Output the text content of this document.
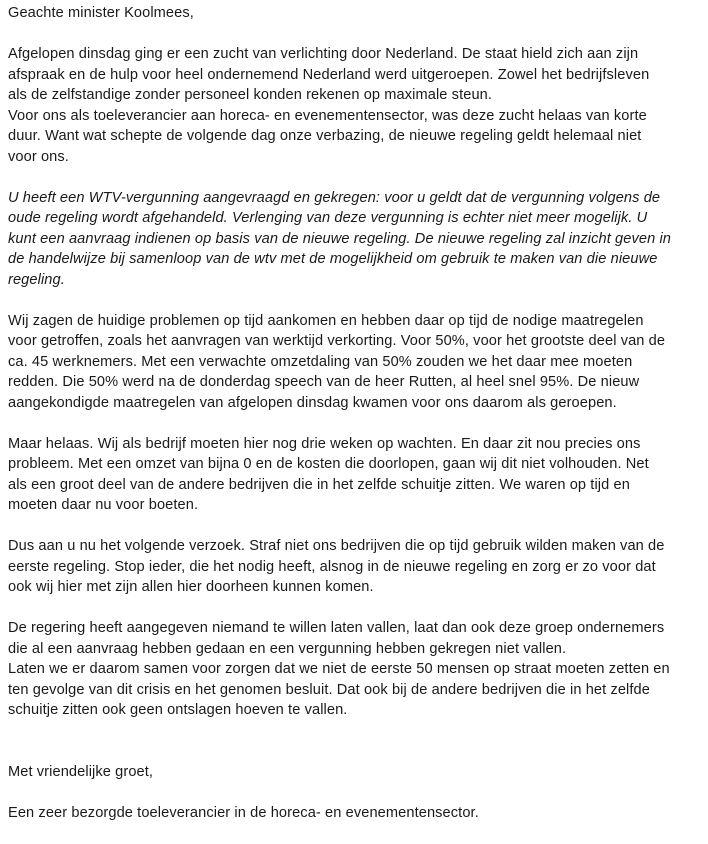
Geachte minister Koolmees,

Afgelopen dinsdag ging er een zucht van verlichting door Nederland. De staat hield zich aan zijn
afspraak en de hulp voor heel ondernemend Nederland werd uitgeroepen. Zowel het bedrijfsleven
als de zelfstandige zonder personeel konden rekenen op maximale steun.
Voor ons als toeleverancier aan horeca- en evenementensector, was deze zucht helaas van korte
duur. Want wat schepte de volgende dag onze verbazing, de nieuwe regeling geldt helemaal niet
voor ons.

U heeft een WTV-vergunning aangevraagd en gekregen: voor u geldt dat de vergunning volgens de
oude regeling wordt afgehandeld. Verlenging van deze vergunning is echter niet meer mogelijk. U
kunt een aanvraag indienen op basis van de nieuwe regeling. De nieuwe regeling zal inzicht geven in
de handelwijze bij samenloop van de wtv met de mogelijkheid om gebruik te maken van die nieuwe
regeling.

Wij zagen de huidige problemen op tijd aankomen en hebben daar op tijd de nodige maatregelen
voor getroffen, zoals het aanvragen van werktijd verkorting. Voor 50%, voor het grootste deel van de
ca. 45 werknemers. Met een verwachte omzetdaling van 50% zouden we het daar mee moeten
redden. Die 50% werd na de donderdag speech van de heer Rutten, al heel snel 95%. De nieuw
aangekondigde maatregelen van afgelopen dinsdag kwamen voor ons daarom als geroepen.

Maar helaas. Wij als bedrijf moeten hier nog drie weken op wachten. En daar zit nou precies ons
probleem. Met een omzet van bijna 0 en de kosten die doorlopen, gaan wij dit niet volhouden. Net
als een groot deel van de andere bedrijven die in het zelfde schuitje zitten. We waren op tijd en
moeten daar nu voor boeten.

Dus aan u nu het volgende verzoek. Straf niet ons bedrijven die op tijd gebruik wilden maken van de
eerste regeling. Stop ieder, die het nodig heeft, alsnog in de nieuwe regeling en zorg er zo voor dat
ook wij hier met zijn allen hier doorheen kunnen komen.

De regering heeft aangegeven niemand te willen laten vallen, laat dan ook deze groep ondernemers
die al een aanvraag hebben gedaan en een vergunning hebben gekregen niet vallen.
Laten we er daarom samen voor zorgen dat we niet de eerste 50 mensen op straat moeten zetten en
ten gevolge van dit crisis en het genomen besluit. Dat ook bij de andere bedrijven die in het zelfde
schuitje zitten ook geen ontslagen hoeven te vallen.

Met vriendelijke groet,

Een zeer bezorgde toeleverancier in de horeca- en evenementensector.
